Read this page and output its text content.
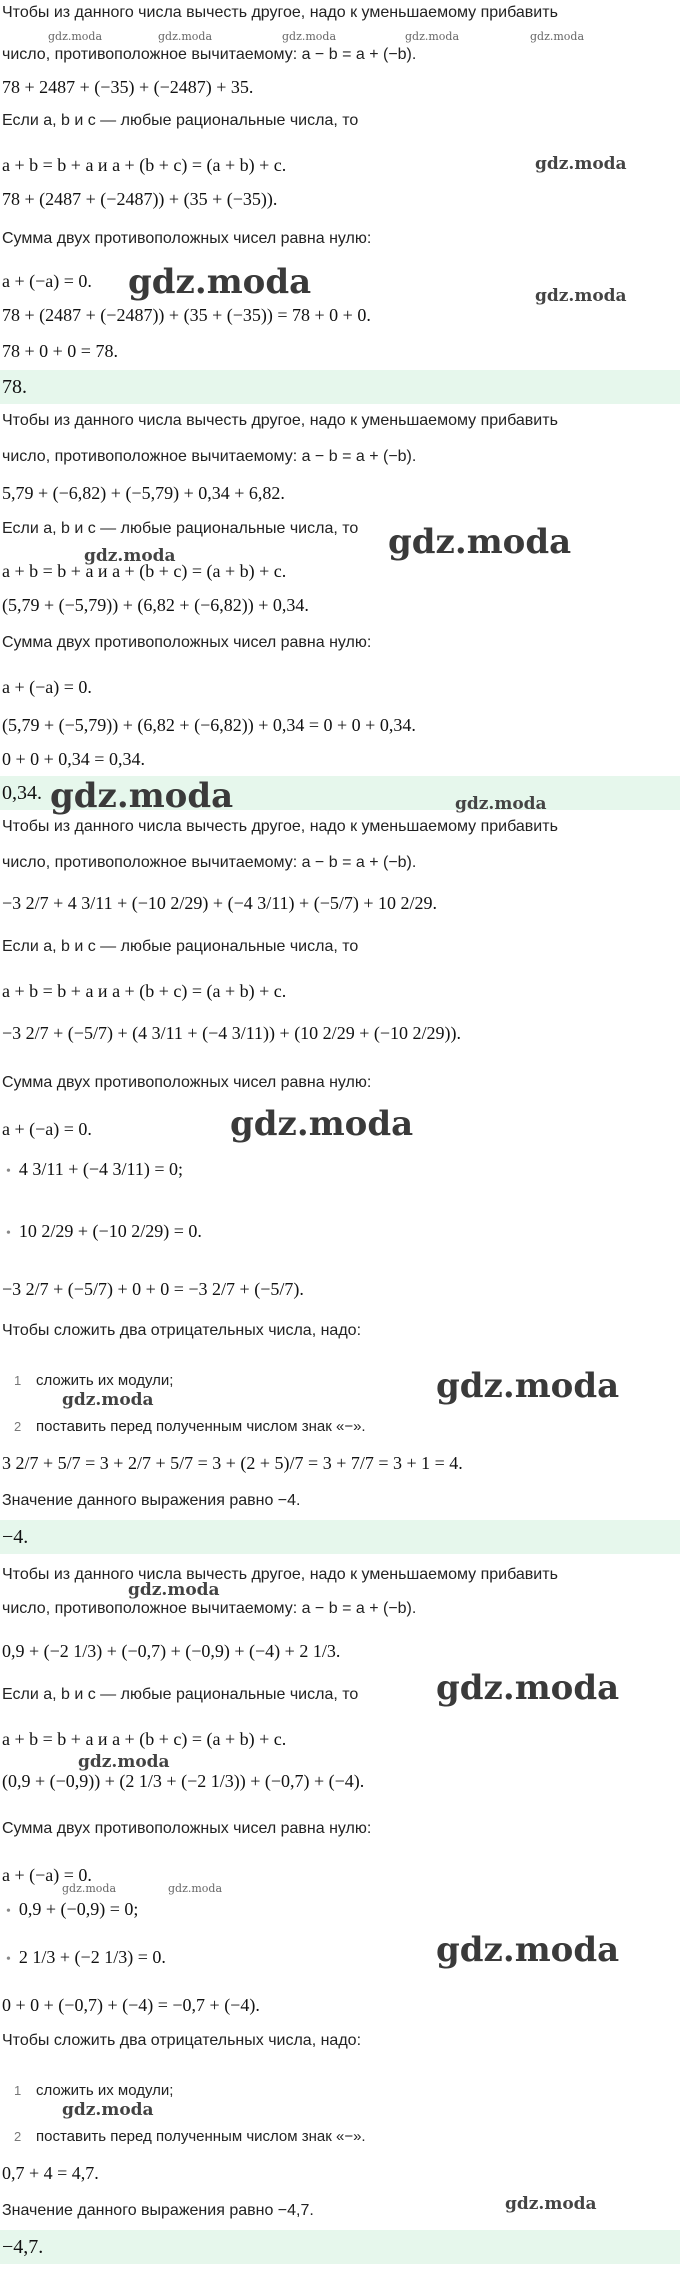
Чтобы из данного числа вычесть другое, надо к уменьшаемому прибавить
число, противоположное вычитаемому: a − b = a + (−b).
78 + 2487 + (−35) + (−2487) + 35.
Если a, b и c — любые рациональные числа, то
a + b = b + a и a + (b + c) = (a + b) + c.
78 + (2487 + (−2487)) + (35 + (−35)).
Сумма двух противоположных чисел равна нулю:
a + (−a) = 0.
78 + (2487 + (−2487)) + (35 + (−35)) = 78 + 0 + 0.
78 + 0 + 0 = 78.
78.
Чтобы из данного числа вычесть другое, надо к уменьшаемому прибавить
число, противоположное вычитаемому: a − b = a + (−b).
5,79 + (−6,82) + (−5,79) + 0,34 + 6,82.
Если a, b и c — любые рациональные числа, то
a + b = b + a и a + (b + c) = (a + b) + c.
(5,79 + (−5,79)) + (6,82 + (−6,82)) + 0,34.
Сумма двух противоположных чисел равна нулю:
a + (−a) = 0.
(5,79 + (−5,79)) + (6,82 + (−6,82)) + 0,34 = 0 + 0 + 0,34.
0 + 0 + 0,34 = 0,34.
0,34.
Чтобы из данного числа вычесть другое, надо к уменьшаемому прибавить
число, противоположное вычитаемому: a − b = a + (−b).
−3 2/7 + 4 3/11 + (−10 2/29) + (−4 3/11) + (−5/7) + 10 2/29.
Если a, b и c — любые рациональные числа, то
a + b = b + a и a + (b + c) = (a + b) + c.
−3 2/7 + (−5/7) + (4 3/11 + (−4 3/11)) + (10 2/29 + (−10 2/29)).
Сумма двух противоположных чисел равна нулю:
a + (−a) = 0.
• 4 3/11 + (−4 3/11) = 0;
• 10 2/29 + (−10 2/29) = 0.
−3 2/7 + (−5/7) + 0 + 0 = −3 2/7 + (−5/7).
Чтобы сложить два отрицательных числа, надо:
1 сложить их модули;
2 поставить перед полученным числом знак «−».
3 2/7 + 5/7 = 3 + 2/7 + 5/7 = 3 + (2 + 5)/7 = 3 + 7/7 = 3 + 1 = 4.
Значение данного выражения равно −4.
−4.
Чтобы из данного числа вычесть другое, надо к уменьшаемому прибавить
число, противоположное вычитаемому: a − b = a + (−b).
0,9 + (−2 1/3) + (−0,7) + (−0,9) + (−4) + 2 1/3.
Если a, b и c — любые рациональные числа, то
a + b = b + a и a + (b + c) = (a + b) + c.
(0,9 + (−0,9)) + (2 1/3 + (−2 1/3)) + (−0,7) + (−4).
Сумма двух противоположных чисел равна нулю:
a + (−a) = 0.
• 0,9 + (−0,9) = 0;
• 2 1/3 + (−2 1/3) = 0.
0 + 0 + (−0,7) + (−4) = −0,7 + (−4).
Чтобы сложить два отрицательных числа, надо:
1 сложить их модули;
2 поставить перед полученным числом знак «−».
0,7 + 4 = 4,7.
Значение данного выражения равно −4,7.
−4,7.
gdz.moda	gdz.moda	gdz.moda	gdz.moda	gdz.moda
gdz.moda
gdz.moda	gdz.moda
gdz.moda	gdz.moda
gdz.moda	gdz.moda
gdz.moda
gdz.moda
gdz.moda
gdz.moda
gdz.moda
gdz.moda
gdz.moda	gdz.moda
gdz.moda
gdz.moda
gdz.moda
